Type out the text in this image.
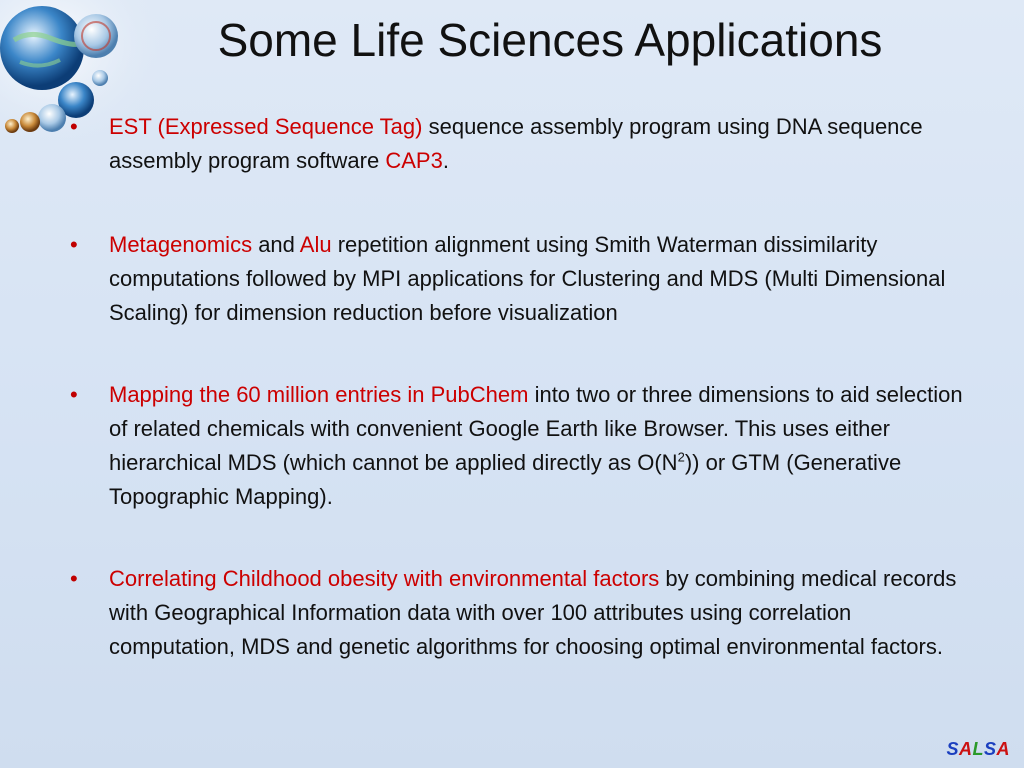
Some Life Sciences Applications
•	EST (Expressed Sequence Tag) sequence assembly program using DNA sequence assembly program software CAP3.
•	Metagenomics and Alu repetition alignment using Smith Waterman dissimilarity computations followed by MPI applications for Clustering and MDS (Multi Dimensional Scaling) for dimension reduction before visualization
•	Mapping the 60 million entries in PubChem into two or three dimensions to aid selection of related chemicals with convenient Google Earth like Browser. This uses either hierarchical MDS (which cannot be applied directly as $O(N^2)$) or GTM (Generative Topographic Mapping).
•	Correlating Childhood obesity with environmental factors by combining medical records with Geographical Information data with over 100 attributes using correlation computation, MDS and genetic algorithms for choosing optimal environmental factors.
SALSA
